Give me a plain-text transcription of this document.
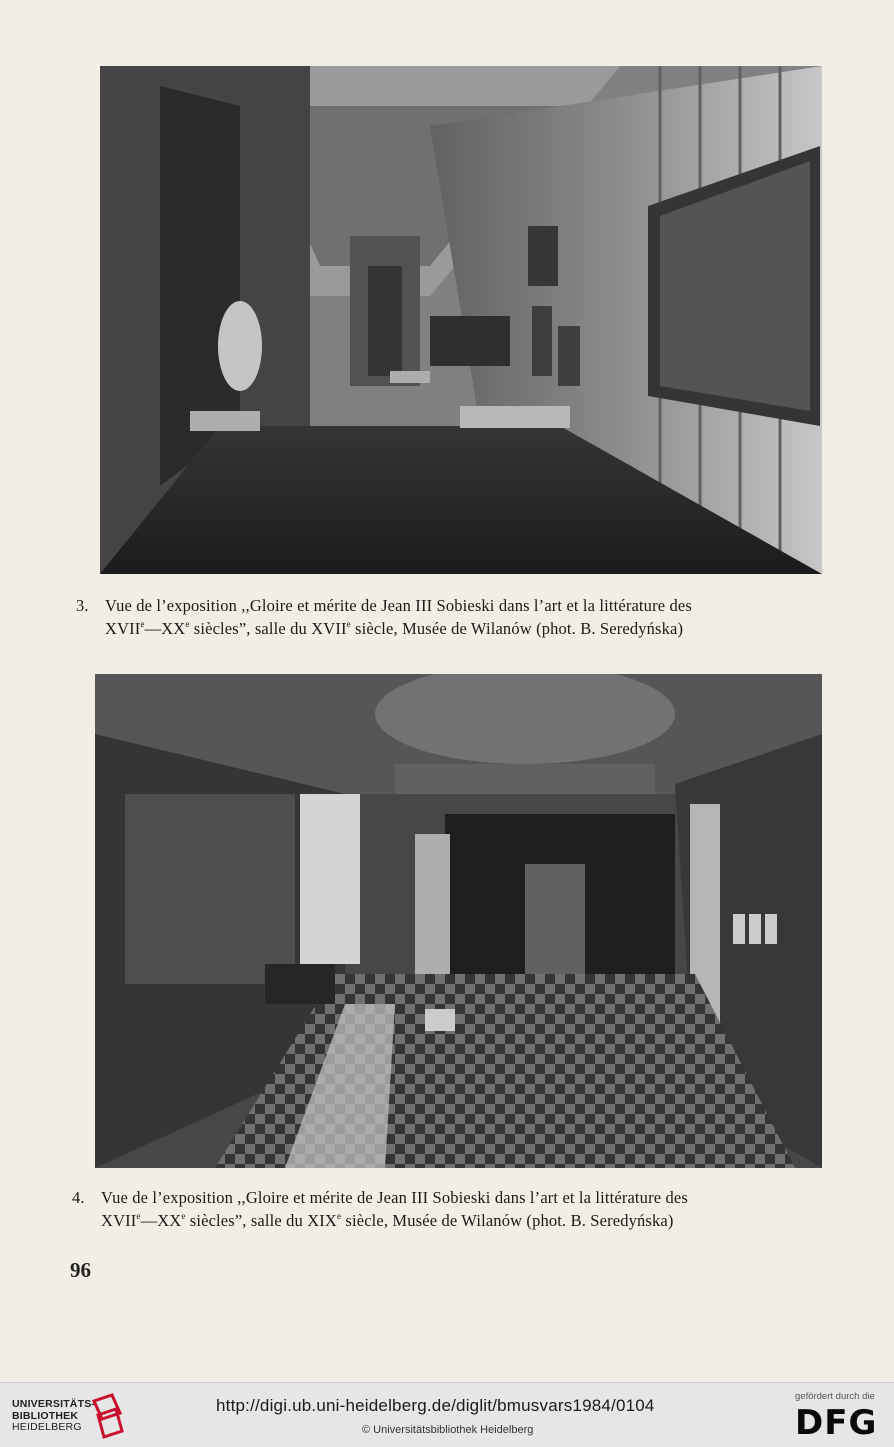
3. Vue de l’exposition ,,Gloire et mérite de Jean III Sobieski dans l’art et la littérature des
XVIIe—XXe siècles”, salle du XVIIe siècle, Musée de Wilanów (phot. B. Seredyńska)
4. Vue de l’exposition ,,Gloire et mérite de Jean III Sobieski dans l’art et la littérature des
XVIIe—XXe siècles”, salle du XIXe siècle, Musée de Wilanów (phot. B. Seredyńska)
96
UNIVERSITÄTS-
BIBLIOTHEK
HEIDELBERG
http://digi.ub.uni-heidelberg.de/diglit/bmusvars1984/0104
© Universitätsbibliothek Heidelberg
gefördert durch die
DFG
